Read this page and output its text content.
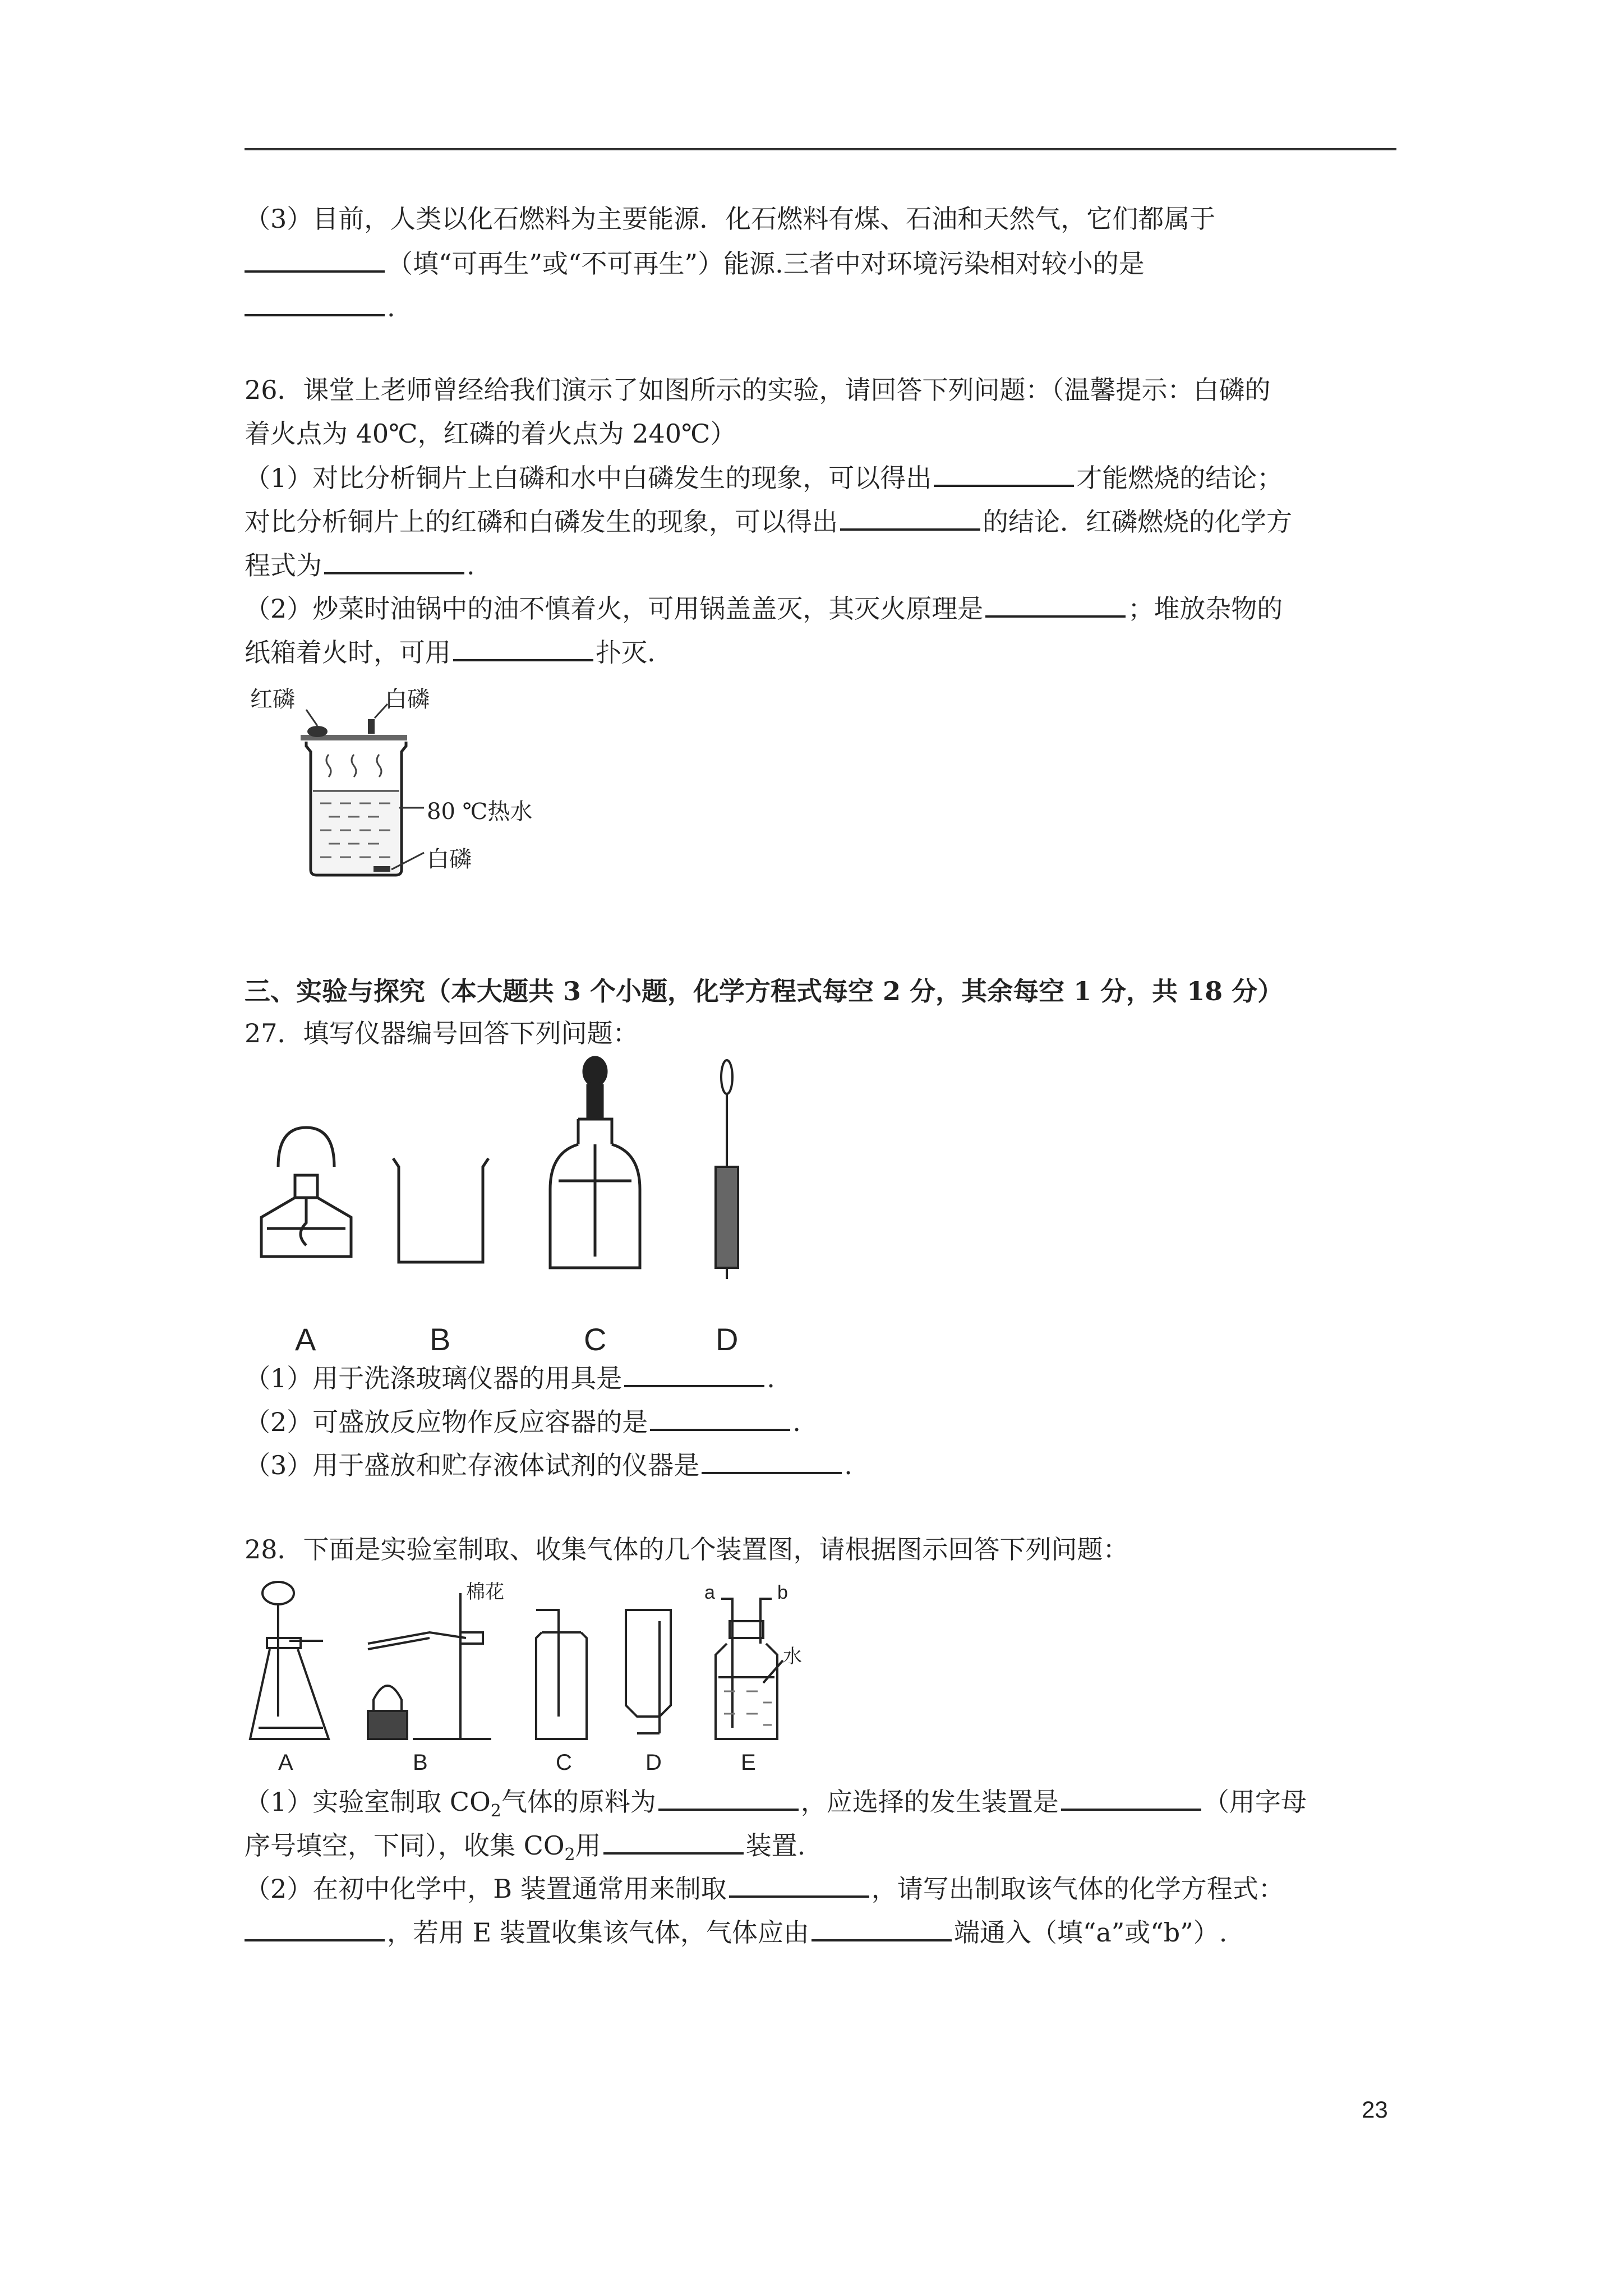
（3）目前，人类以化石燃料为主要能源．化石燃料有煤、石油和天然气，它们都属于
（填“可再生”或“不可再生”）能源.三者中对环境污染相对较小的是
.
26．课堂上老师曾经给我们演示了如图所示的实验，请回答下列问题：（温馨提示：白磷的
着火点为 40℃，红磷的着火点为 240℃）
（1）对比分析铜片上白磷和水中白磷发生的现象，可以得出	才能燃烧的结论；
对比分析铜片上的红磷和白磷发生的现象，可以得出	的结论．红磷燃烧的化学方
程式为	.
（2）炒菜时油锅中的油不慎着火，可用锅盖盖灭，其灭火原理是	；堆放杂物的
纸箱着火时，可用	扑灭.
红磷	白磷
80 ℃热水
白磷
三、实验与探究（本大题共 3 个小题，化学方程式每空 2 分，其余每空 1 分，共 18 分）
27．填写仪器编号回答下列问题：
A	B	C	D
（1）用于洗涤玻璃仪器的用具是	.
（2）可盛放反应物作反应容器的是	.
（3）用于盛放和贮存液体试剂的仪器是	.
28．下面是实验室制取、收集气体的几个装置图，请根据图示回答下列问题：
棉花	a	b
水
A	B	C	D	E
（1）实验室制取 $CO_2$气体的原料为	，应选择的发生装置是	（用字母
序号填空，下同），收集 $CO_2$用	装置.
（2）在初中化学中，B 装置通常用来制取	，请写出制取该气体的化学方程式：
，若用 E 装置收集该气体，气体应由	端通入（填“a”或“b”）.
23
